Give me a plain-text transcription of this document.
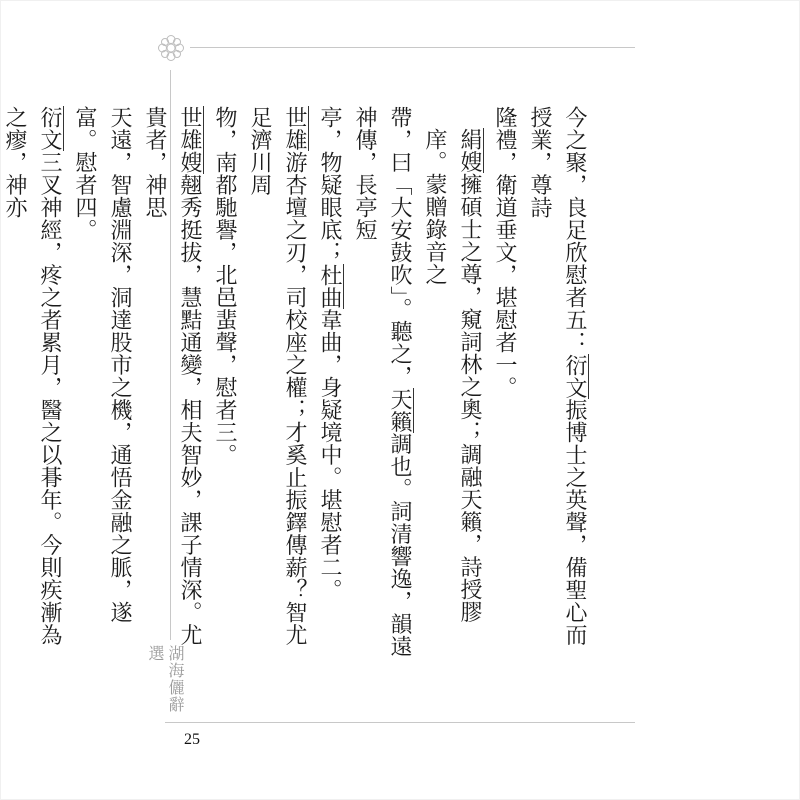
湖海儷辭選
25

今之聚，良足欣慰者五：衍文振博士之英聲，備聖心而授業，尊詩

隆禮，衛道垂文，堪慰者一。

絹嫂擁碩士之尊，窺詞林之奧；調融天籟，詩授膠庠。蒙贈錄音之

帶，曰「大安鼓吹」。聽之，天籟調也。詞清響逸，韻遠神傳，長亭短

亭，物疑眼底；杜曲韋曲，身疑境中。堪慰者二。

世雄游杏壇之刃，司校座之權；才奚止振鐸傳薪？智尤足濟川周

物，南都馳譽，北邑蜚聲，慰者三。

世雄嫂翹秀挺拔，慧黠通變，相夫智妙，課子情深。尤貴者，神思

天遠，智慮淵深，洞達股市之機，通悟金融之脈，遂富。慰者四。

衍文三叉神經，疼之者累月，醫之以朞年。今則疾漸為之瘳，神亦
